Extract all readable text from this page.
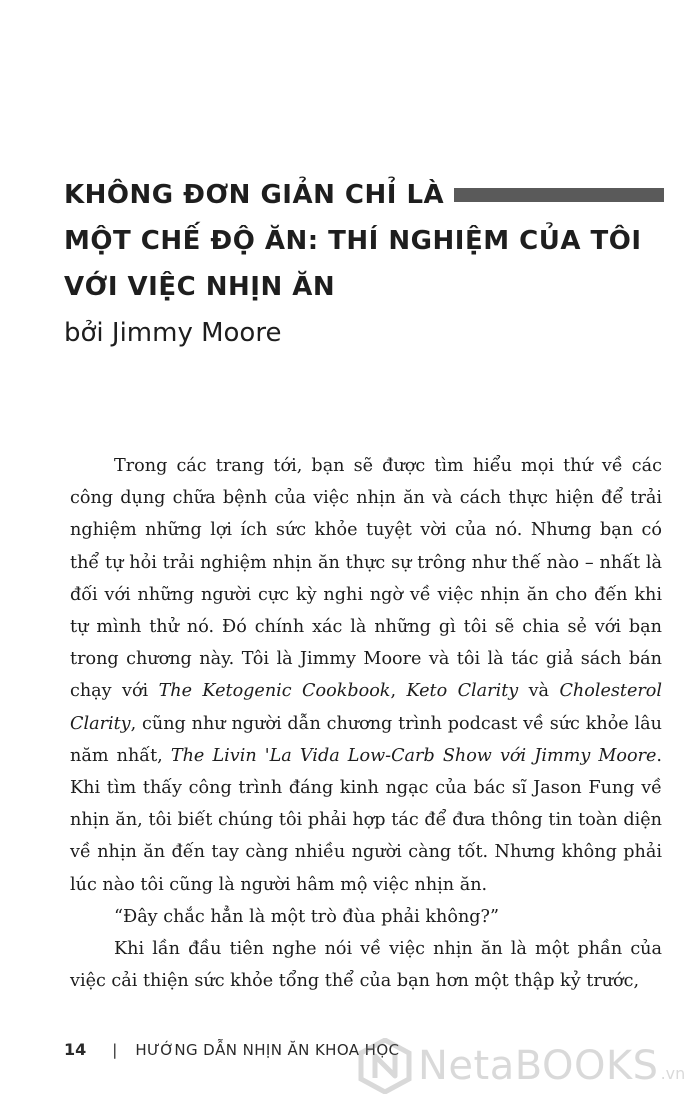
KHÔNG ĐƠN GIẢN CHỈ LÀ
MỘT CHẾ ĐỘ ĂN: THÍ NGHIỆM CỦA TÔI
VỚI VIỆC NHỊN ĂN
bởi Jimmy Moore

Trong các trang tới, bạn sẽ được tìm hiểu mọi thứ về các công dụng chữa bệnh của việc nhịn ăn và cách thực hiện để trải nghiệm những lợi ích sức khỏe tuyệt vời của nó. Nhưng bạn có thể tự hỏi trải nghiệm nhịn ăn thực sự trông như thế nào – nhất là đối với những người cực kỳ nghi ngờ về việc nhịn ăn cho đến khi tự mình thử nó. Đó chính xác là những gì tôi sẽ chia sẻ với bạn trong chương này. Tôi là Jimmy Moore và tôi là tác giả sách bán chạy với The Ketogenic Cookbook, Keto Clarity và Cholesterol Clarity, cũng như người dẫn chương trình podcast về sức khỏe lâu năm nhất, The Livin 'La Vida Low-Carb Show với Jimmy Moore. Khi tìm thấy công trình đáng kinh ngạc của bác sĩ Jason Fung về nhịn ăn, tôi biết chúng tôi phải hợp tác để đưa thông tin toàn diện về nhịn ăn đến tay càng nhiều người càng tốt. Nhưng không phải lúc nào tôi cũng là người hâm mộ việc nhịn ăn.

“Đây chắc hẳn là một trò đùa phải không?”

Khi lần đầu tiên nghe nói về việc nhịn ăn là một phần của việc cải thiện sức khỏe tổng thể của bạn hơn một thập kỷ trước,

14 | HƯỚNG DẪN NHỊN ĂN KHOA HỌC NetaBOOKS .vn
